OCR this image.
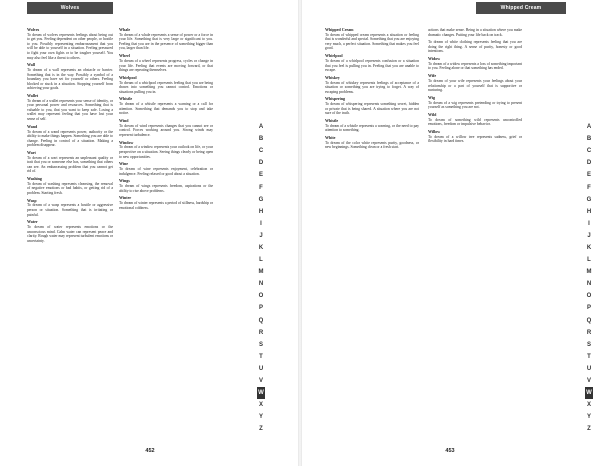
Wolves

Wolves
To dream of wolves represents feelings about being out to get you. Feeling dependent on other people, or hostile to you. Possibly representing embarrassment that you will be able to yourself in a situation. Feeling pressured to fight your own fights or to be tougher yourself. You may also feel like a threat to others.

Wall
To dream of a wall represents an obstacle or barrier. Something that is in the way. Possibly a symbol of a boundary you have set for yourself or others. Feeling blocked or stuck in a situation. Stopping yourself from achieving your goals.

Wallet
To dream of a wallet represents your sense of identity, or your personal power and resources. Something that is valuable to you, that you want to keep safe. Losing a wallet may represent feeling that you have lost your sense of self.

Wand
To dream of a wand represents power, authority or the ability to make things happen. Something you are able to change. Feeling in control of a situation. Making a problem disappear.

Wart
To dream of a wart represents an unpleasant quality or trait that you or someone else has, something that others can see. An embarrassing problem that you cannot get rid of.

Washing
To dream of washing represents cleansing, the removal of negative emotions or bad habits, or getting rid of a problem. Starting fresh.

Wasp
To dream of a wasp represents a hostile or aggressive person or situation. Something that is irritating or painful.

Water
To dream of water represents emotions or the unconscious mind. Calm water can represent peace and clarity. Rough water may represent turbulent emotions or uncertainty.

Whale
To dream of a whale represents a sense of power or a force in your life. Something that is very large or significant to you. Feeling that you are in the presence of something bigger than you, larger than life.

Wheel
To dream of a wheel represents progress, cycles or change in your life. Feeling that events are moving forward, or that things are repeating themselves.

Whirlpool
To dream of a whirlpool represents feeling that you are being drawn into something you cannot control. Emotions or situations pulling you in.

Whistle
To dream of a whistle represents a warning or a call for attention. Something that demands you to stop and take notice.

Wind
To dream of wind represents changes that you cannot see or control. Forces working around you. Strong winds may represent turbulence.

Window
To dream of a window represents your outlook on life, or your perspective on a situation. Seeing things clearly or being open to new opportunities.

Wine
To dream of wine represents enjoyment, celebration or indulgence. Feeling relaxed or good about a situation.

Wings
To dream of wings represents freedom, aspirations or the ability to rise above problems.

Winter
To dream of winter represents a period of stillness, hardship or emotional coldness.

A
B
C
D
E
F
G
H
I
J
K
L
M
N
O
P
Q
R
S
T
U
V
W
X
Y
Z
452
Whipped Cream

Whipped Cream
To dream of whipped cream represents a situation or feeling that is wonderful and special. Something that you are enjoying very much, a perfect situation. Something that makes you feel good.

Whirlpool
To dream of a whirlpool represents confusion or a situation that you feel is pulling you in. Feeling that you are unable to escape.

Whiskey
To dream of whiskey represents feelings of acceptance of a situation or something you are trying to forget. A way of escaping problems.

Whispering
To dream of whispering represents something secret, hidden or private that is being shared. A situation where you are not sure of the truth.

Whistle
To dream of a whistle represents a warning, or the need to pay attention to something.

White
To dream of the color white represents purity, goodness, or new beginnings. Something clean or a fresh start.

actions that make sense. Being in a situation where you make dramatic changes. Putting your life back on track.

To dream of white clothing represents feeling that you are doing the right thing. A sense of purity, honesty or good intentions.

Widow
To dream of a widow represents a loss of something important to you. Feeling alone or that something has ended.

Wife
To dream of your wife represents your feelings about your relationship or a part of yourself that is supportive or nurturing.

Wig
To dream of a wig represents pretending or trying to present yourself as something you are not.

Wild
To dream of something wild represents uncontrolled emotions, freedom or impulsive behavior.

Willow
To dream of a willow tree represents sadness, grief or flexibility in hard times.

A
B
C
D
E
F
G
H
I
J
K
L
M
N
O
P
Q
R
S
T
U
V
W
X
Y
Z
453
